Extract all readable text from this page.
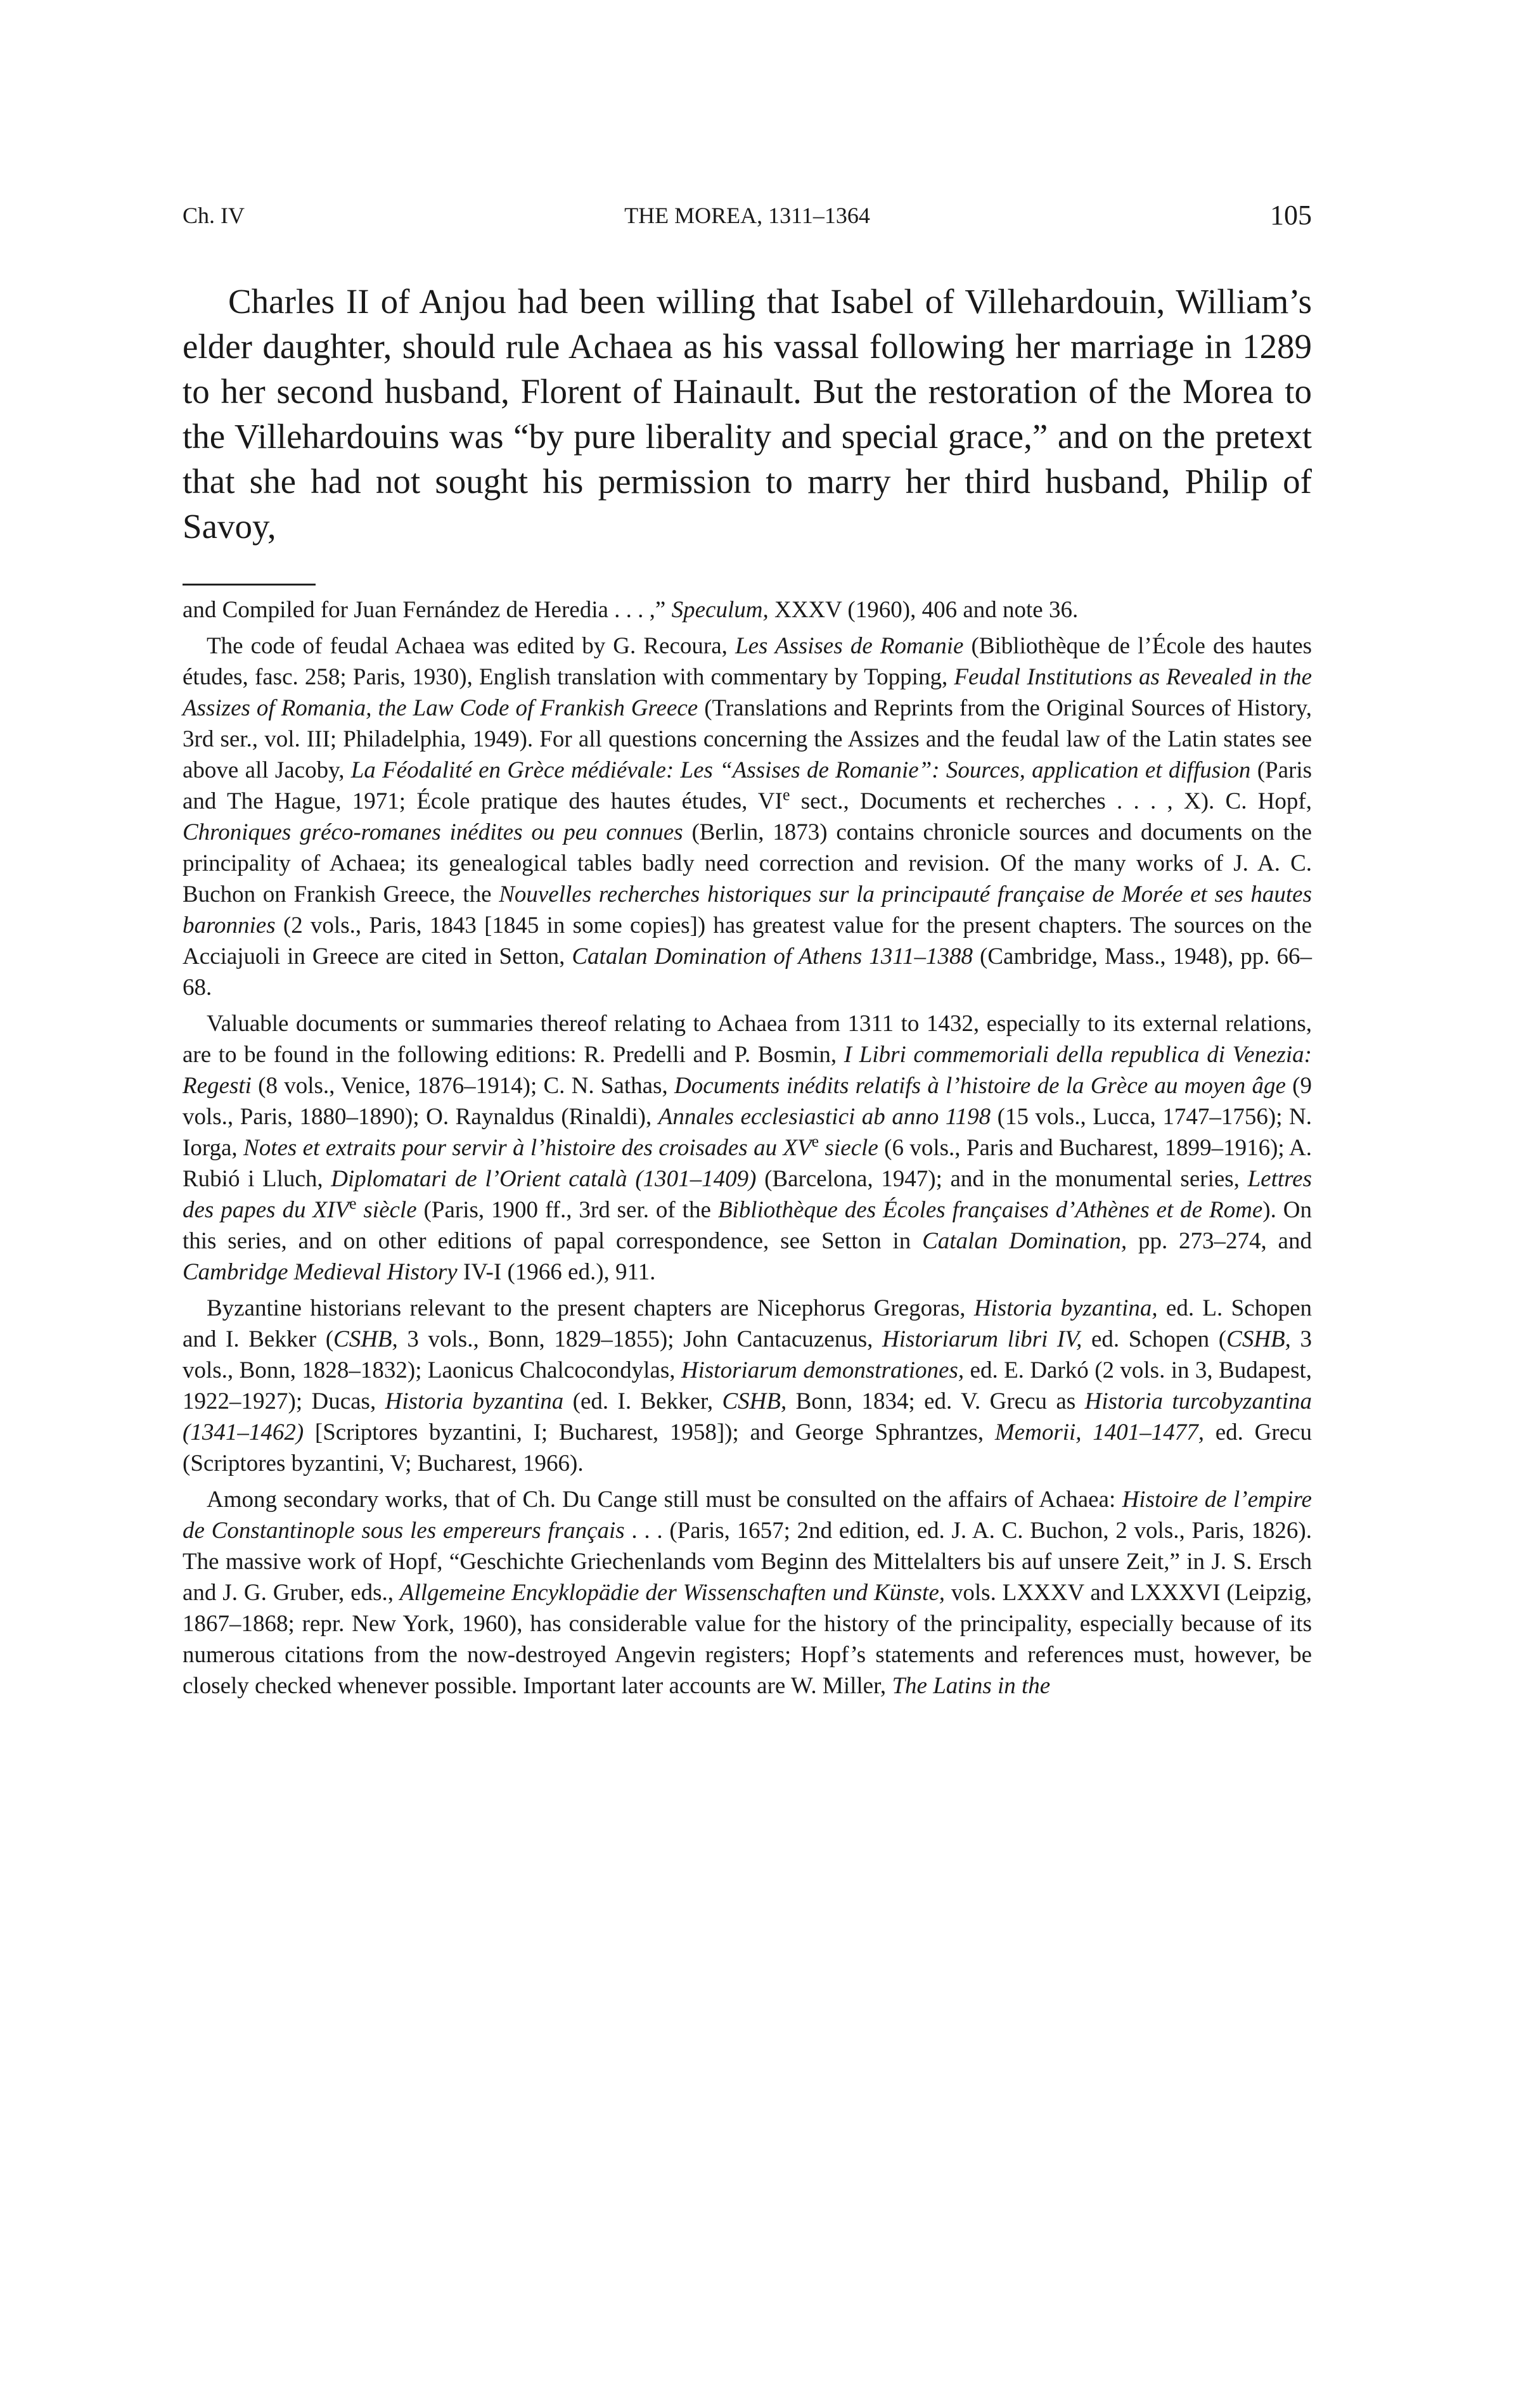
Ch. IV	THE MOREA, 1311–1364	105

Charles II of Anjou had been willing that Isabel of Villehardouin, William’s elder daughter, should rule Achaea as his vassal following her marriage in 1289 to her second husband, Florent of Hainault. But the restoration of the Morea to the Villehardouins was “by pure liberality and special grace,” and on the pretext that she had not sought his permission to marry her third husband, Philip of Savoy,

and Compiled for Juan Fernández de Heredia . . . ,” Speculum, XXXV (1960), 406 and note 36.

The code of feudal Achaea was edited by G. Recoura, Les Assises de Romanie (Bibliothèque de l’École des hautes études, fasc. 258; Paris, 1930), English translation with commentary by Topping, Feudal Institutions as Revealed in the Assizes of Romania, the Law Code of Frankish Greece (Translations and Reprints from the Original Sources of History, 3rd ser., vol. III; Philadelphia, 1949). For all questions concerning the Assizes and the feudal law of the Latin states see above all Jacoby, La Féodalité en Grèce médiévale: Les “Assises de Romanie”: Sources, application et diffusion (Paris and The Hague, 1971; École pratique des hautes études, VIe sect., Documents et recherches . . . , X). C. Hopf, Chroniques gréco-romanes inédites ou peu connues (Berlin, 1873) contains chronicle sources and documents on the principality of Achaea; its genealogical tables badly need correction and revision. Of the many works of J. A. C. Buchon on Frankish Greece, the Nouvelles recherches historiques sur la principauté française de Morée et ses hautes baronnies (2 vols., Paris, 1843 [1845 in some copies]) has greatest value for the present chapters. The sources on the Acciajuoli in Greece are cited in Setton, Catalan Domination of Athens 1311–1388 (Cambridge, Mass., 1948), pp. 66–68.

Valuable documents or summaries thereof relating to Achaea from 1311 to 1432, especially to its external relations, are to be found in the following editions: R. Predelli and P. Bosmin, I Libri commemoriali della republica di Venezia: Regesti (8 vols., Venice, 1876–1914); C. N. Sathas, Documents inédits relatifs à l’histoire de la Grèce au moyen âge (9 vols., Paris, 1880–1890); O. Raynaldus (Rinaldi), Annales ecclesiastici ab anno 1198 (15 vols., Lucca, 1747–1756); N. Iorga, Notes et extraits pour servir à l’histoire des croisades au XVe siecle (6 vols., Paris and Bucharest, 1899–1916); A. Rubió i Lluch, Diplomatari de l’Orient català (1301–1409) (Barcelona, 1947); and in the monumental series, Lettres des papes du XIVe siècle (Paris, 1900 ff., 3rd ser. of the Bibliothèque des Écoles françaises d’Athènes et de Rome). On this series, and on other editions of papal correspondence, see Setton in Catalan Domination, pp. 273–274, and Cambridge Medieval History IV-I (1966 ed.), 911.

Byzantine historians relevant to the present chapters are Nicephorus Gregoras, Historia byzantina, ed. L. Schopen and I. Bekker (CSHB, 3 vols., Bonn, 1829–1855); John Cantacuzenus, Historiarum libri IV, ed. Schopen (CSHB, 3 vols., Bonn, 1828–1832); Laonicus Chalcocondylas, Historiarum demonstrationes, ed. E. Darkó (2 vols. in 3, Budapest, 1922–1927); Ducas, Historia byzantina (ed. I. Bekker, CSHB, Bonn, 1834; ed. V. Grecu as Historia turcobyzantina (1341–1462) [Scriptores byzantini, I; Bucharest, 1958]); and George Sphrantzes, Memorii, 1401–1477, ed. Grecu (Scriptores byzantini, V; Bucharest, 1966).

Among secondary works, that of Ch. Du Cange still must be consulted on the affairs of Achaea: Histoire de l’empire de Constantinople sous les empereurs français . . . (Paris, 1657; 2nd edition, ed. J. A. C. Buchon, 2 vols., Paris, 1826). The massive work of Hopf, “Geschichte Griechenlands vom Beginn des Mittelalters bis auf unsere Zeit,” in J. S. Ersch and J. G. Gruber, eds., Allgemeine Encyklopädie der Wissenschaften und Künste, vols. LXXXV and LXXXVI (Leipzig, 1867–1868; repr. New York, 1960), has considerable value for the history of the principality, especially because of its numerous citations from the now-destroyed Angevin registers; Hopf’s statements and references must, however, be closely checked whenever possible. Important later accounts are W. Miller, The Latins in the
